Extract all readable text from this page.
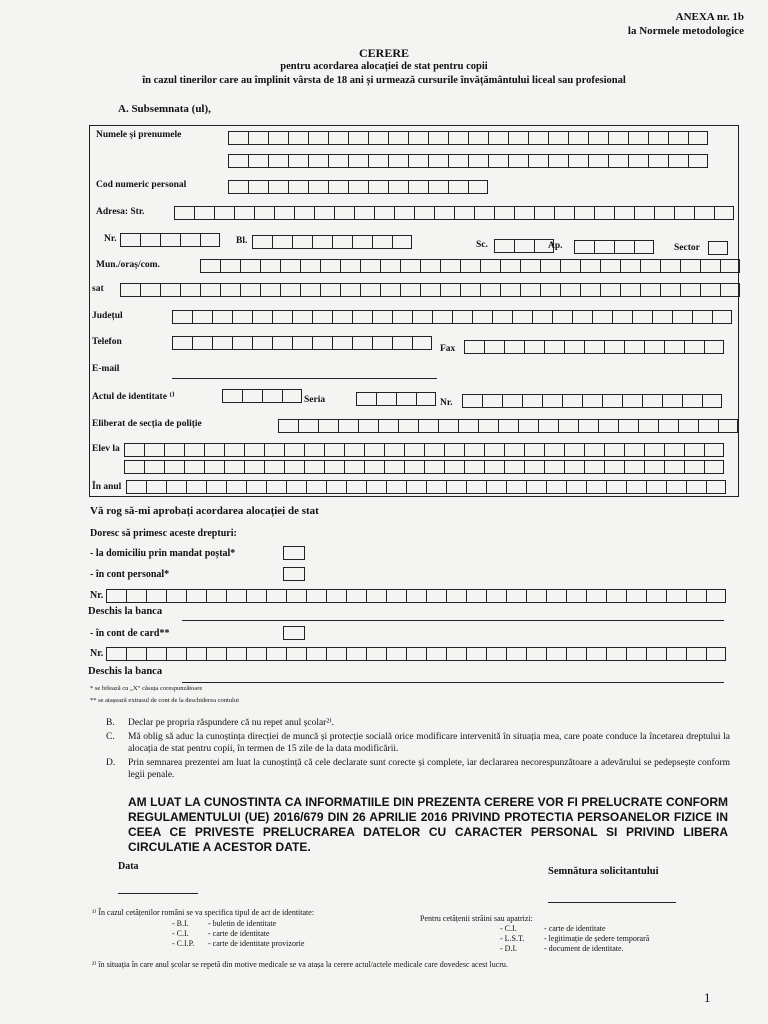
ANEXA nr. 1b
la Normele metodologice
CERERE
pentru acordarea alocației de stat pentru copii
în cazul tinerilor care au împlinit vârsta de 18 ani și urmează cursurile învățământului liceal sau profesional
A. Subsemnata (ul),
Numele și prenumele
Cod numeric personal
Adresa: Str.
Nr.	Bl.	Sc.	Ap.	Sector
Mun./oraș/com.
sat
Județul
Telefon
Fax
E-mail
Actul de identitate ¹⁾	Seria	Nr.
Eliberat de secția de poliție
Elev la
În anul
Vă rog să-mi aprobați acordarea alocației de stat
Doresc să primesc aceste drepturi:
- la domiciliu prin mandat poștal*
- în cont personal*
Nr.
Deschis la banca
- în cont de card**
Nr.
Deschis la banca
* se bifează cu „X” căsuța corespunzătoare
** se atașează extrasul de cont de la deschiderea contului
B. Declar pe propria răspundere că nu repet anul școlar²⁾.
C. Mă oblig să aduc la cunoștința direcției de muncă și protecție socială orice modificare intervenită în situația mea, care poate conduce la încetarea dreptului la alocația de stat pentru copii, în termen de 15 zile de la data modificării.
D. Prin semnarea prezentei am luat la cunoștință că cele declarate sunt corecte și complete, iar declararea necorespunzătoare a adevărului se pedepsește conform legii penale.
AM LUAT LA CUNOSTINTA CA INFORMATIILE DIN PREZENTA CERERE VOR FI PRELUCRATE CONFORM REGULAMENTULUI (UE) 2016/679 DIN 26 APRILIE 2016 PRIVIND PROTECTIA PERSOANELOR FIZICE IN CEEA CE PRIVESTE PRELUCRAREA DATELOR CU CARACTER PERSONAL SI PRIVIND LIBERA CIRCULATIE A ACESTOR DATE.
Data	Semnătura solicitantului
¹⁾ În cazul cetățenilor români se va specifica tipul de act de identitate:
- B.I. - buletin de identitate
- C.I. - carte de identitate
- C.I.P. - carte de identitate provizorie
Pentru cetățenii străini sau apatrizi:
- C.I.	- carte de identitate
- L.S.T. - legitimație de ședere temporară
- D.I.	- document de identitate.
²⁾ în situația în care anul școlar se repetă din motive medicale se va atașa la cerere actul/actele medicale care dovedesc acest lucru.
1
